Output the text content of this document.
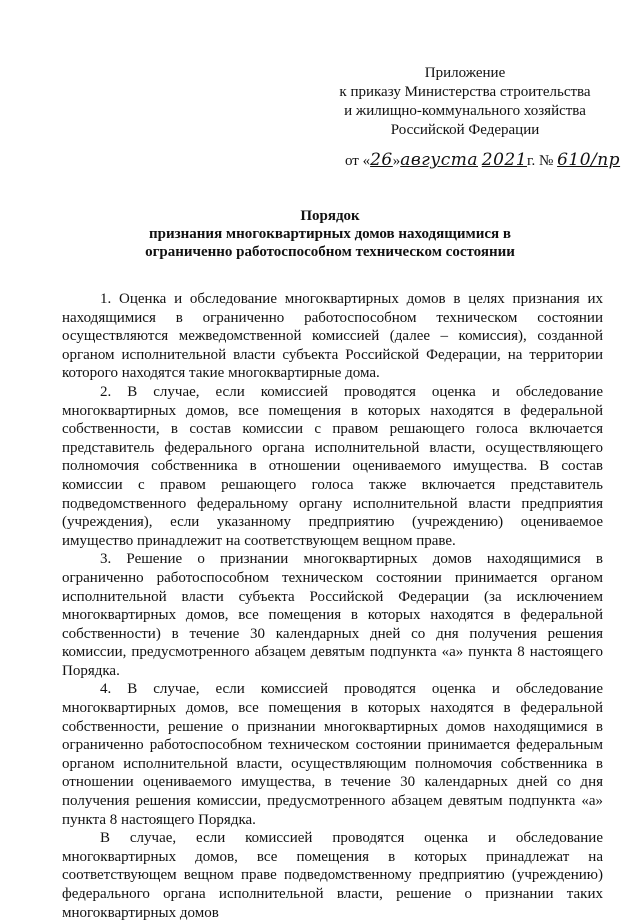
Приложение
к приказу Министерства строительства
и жилищно-коммунального хозяйства
Российской Федерации
от «26»августа 2021г. № 610/пр
Порядок
признания многоквартирных домов находящимися в
ограниченно работоспособном техническом состоянии

1. Оценка и обследование многоквартирных домов в целях признания их находящимися в ограниченно работоспособном техническом состоянии осуществляются межведомственной комиссией (далее – комиссия), созданной органом исполнительной власти субъекта Российской Федерации, на территории которого находятся такие многоквартирные дома.

2. В случае, если комиссией проводятся оценка и обследование многоквартирных домов, все помещения в которых находятся в федеральной собственности, в состав комиссии с правом решающего голоса включается представитель федерального органа исполнительной власти, осуществляющего полномочия собственника в отношении оцениваемого имущества. В состав комиссии с правом решающего голоса также включается представитель подведомственного федеральному органу исполнительной власти предприятия (учреждения), если указанному предприятию (учреждению) оцениваемое имущество принадлежит на соответствующем вещном праве.

3. Решение о признании многоквартирных домов находящимися в ограниченно работоспособном техническом состоянии принимается органом исполнительной власти субъекта Российской Федерации (за исключением многоквартирных домов, все помещения в которых находятся в федеральной собственности) в течение 30 календарных дней со дня получения решения комиссии, предусмотренного абзацем девятым подпункта «а» пункта 8 настоящего Порядка.

4. В случае, если комиссией проводятся оценка и обследование многоквартирных домов, все помещения в которых находятся в федеральной собственности, решение о признании многоквартирных домов находящимися в ограниченно работоспособном техническом состоянии принимается федеральным органом исполнительной власти, осуществляющим полномочия собственника в отношении оцениваемого имущества, в течение 30 календарных дней со дня получения решения комиссии, предусмотренного абзацем девятым подпункта «а» пункта 8 настоящего Порядка.

В случае, если комиссией проводятся оценка и обследование многоквартирных домов, все помещения в которых принадлежат на соответствующем вещном праве подведомственному предприятию (учреждению) федерального органа исполнительной власти, решение о признании таких многоквартирных домов
